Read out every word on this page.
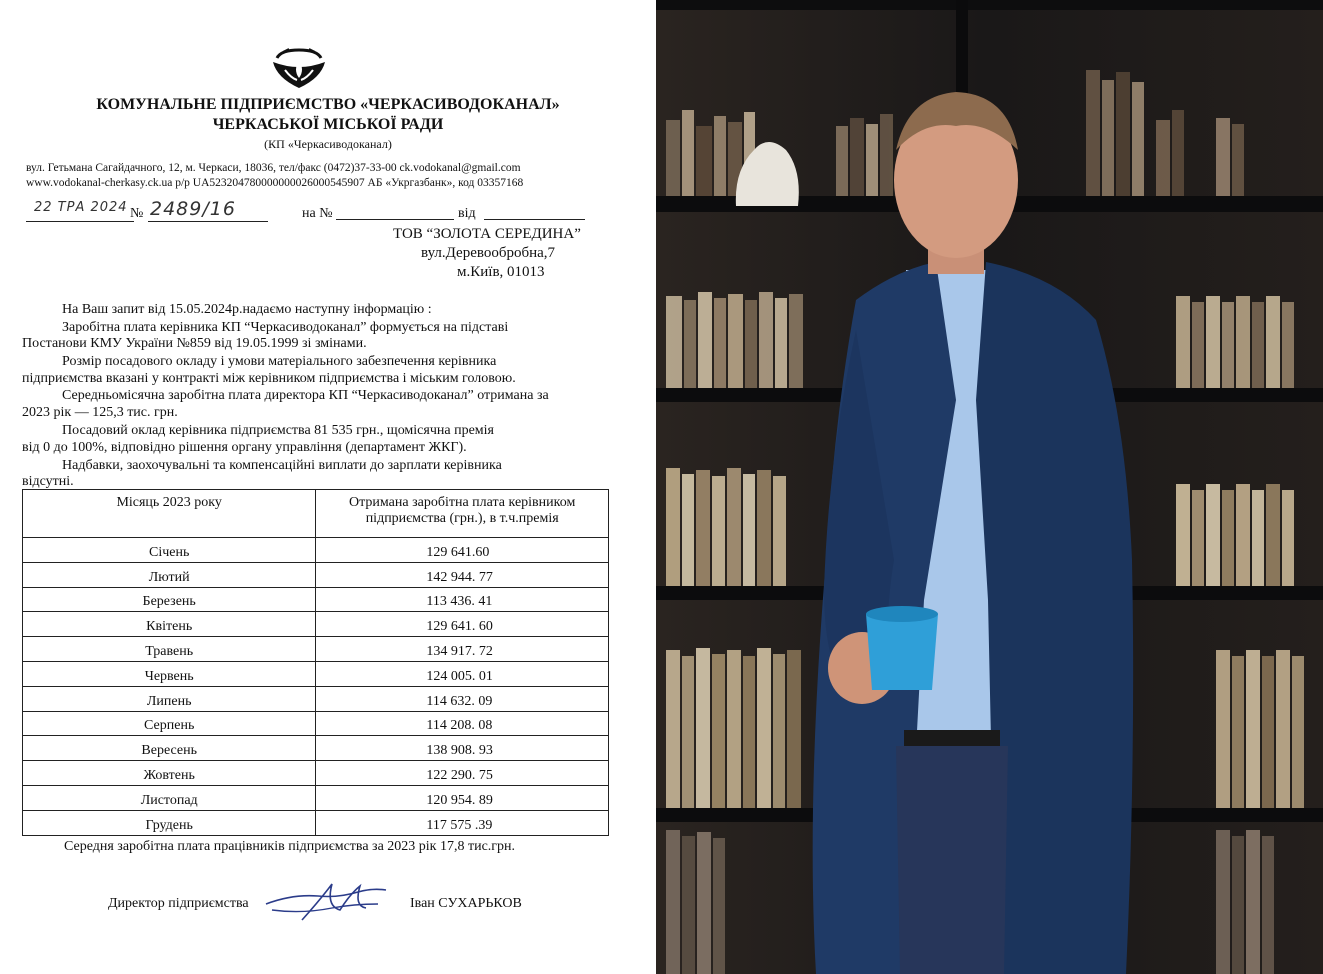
КОМУНАЛЬНЕ ПІДПРИЄМСТВО «ЧЕРКАСИВОДОКАНАЛ»
ЧЕРКАСЬКОЇ МІСЬКОЇ РАДИ
(КП «Черкасиводоканал)
вул. Гетьмана Сагайдачного, 12, м. Черкаси, 18036, тел/факс (0472)37-33-00 ck.vodokanal@gmail.com
www.vodokanal-cherkasy.ck.ua р/р UA523204780000000026000545907 АБ «Укргазбанк», код 03357168
22 ТРА 2024 № 2489/16	на №	від
ТОВ “ЗОЛОТА СЕРЕДИНА”
вул.Деревообробна,7
м.Київ, 01013
На Ваш запит від 15.05.2024р.надаємо наступну інформацію :
Заробітна плата керівника КП “Черкасиводоканал” формується на підставі
Постанови КМУ України №859 від 19.05.1999 зі змінами.
Розмір посадового окладу і умови матеріального забезпечення керівника
підприємства вказані у контракті між керівником підприємства і міським головою.
Середньомісячна заробітна плата директора КП “Черкасиводоканал” отримана за
2023 рік — 125,3 тис. грн.
Посадовий оклад керівника підприємства 81 535 грн., щомісячна премія
від 0 до 100%, відповідно рішення органу управління (департамент ЖКГ).
Надбавки, заохочувальні та компенсаційні виплати до зарплати керівника
відсутні.
Місяць 2023 року	Отримана заробітна плата керівником
підприємства (грн.), в т.ч.премія
Січень	129 641.60
Лютий	142 944. 77
Березень	113 436. 41
Квітень	129 641. 60
Травень	134 917. 72
Червень	124 005. 01
Липень	114 632. 09
Серпень	114 208. 08
Вересень	138 908. 93
Жовтень	122 290. 75
Листопад	120 954. 89
Грудень	117 575 .39
Середня заробітна плата працівників підприємства за 2023 рік 17,8 тис.грн.
Директор підприємства	Іван СУХАРЬКОВ
